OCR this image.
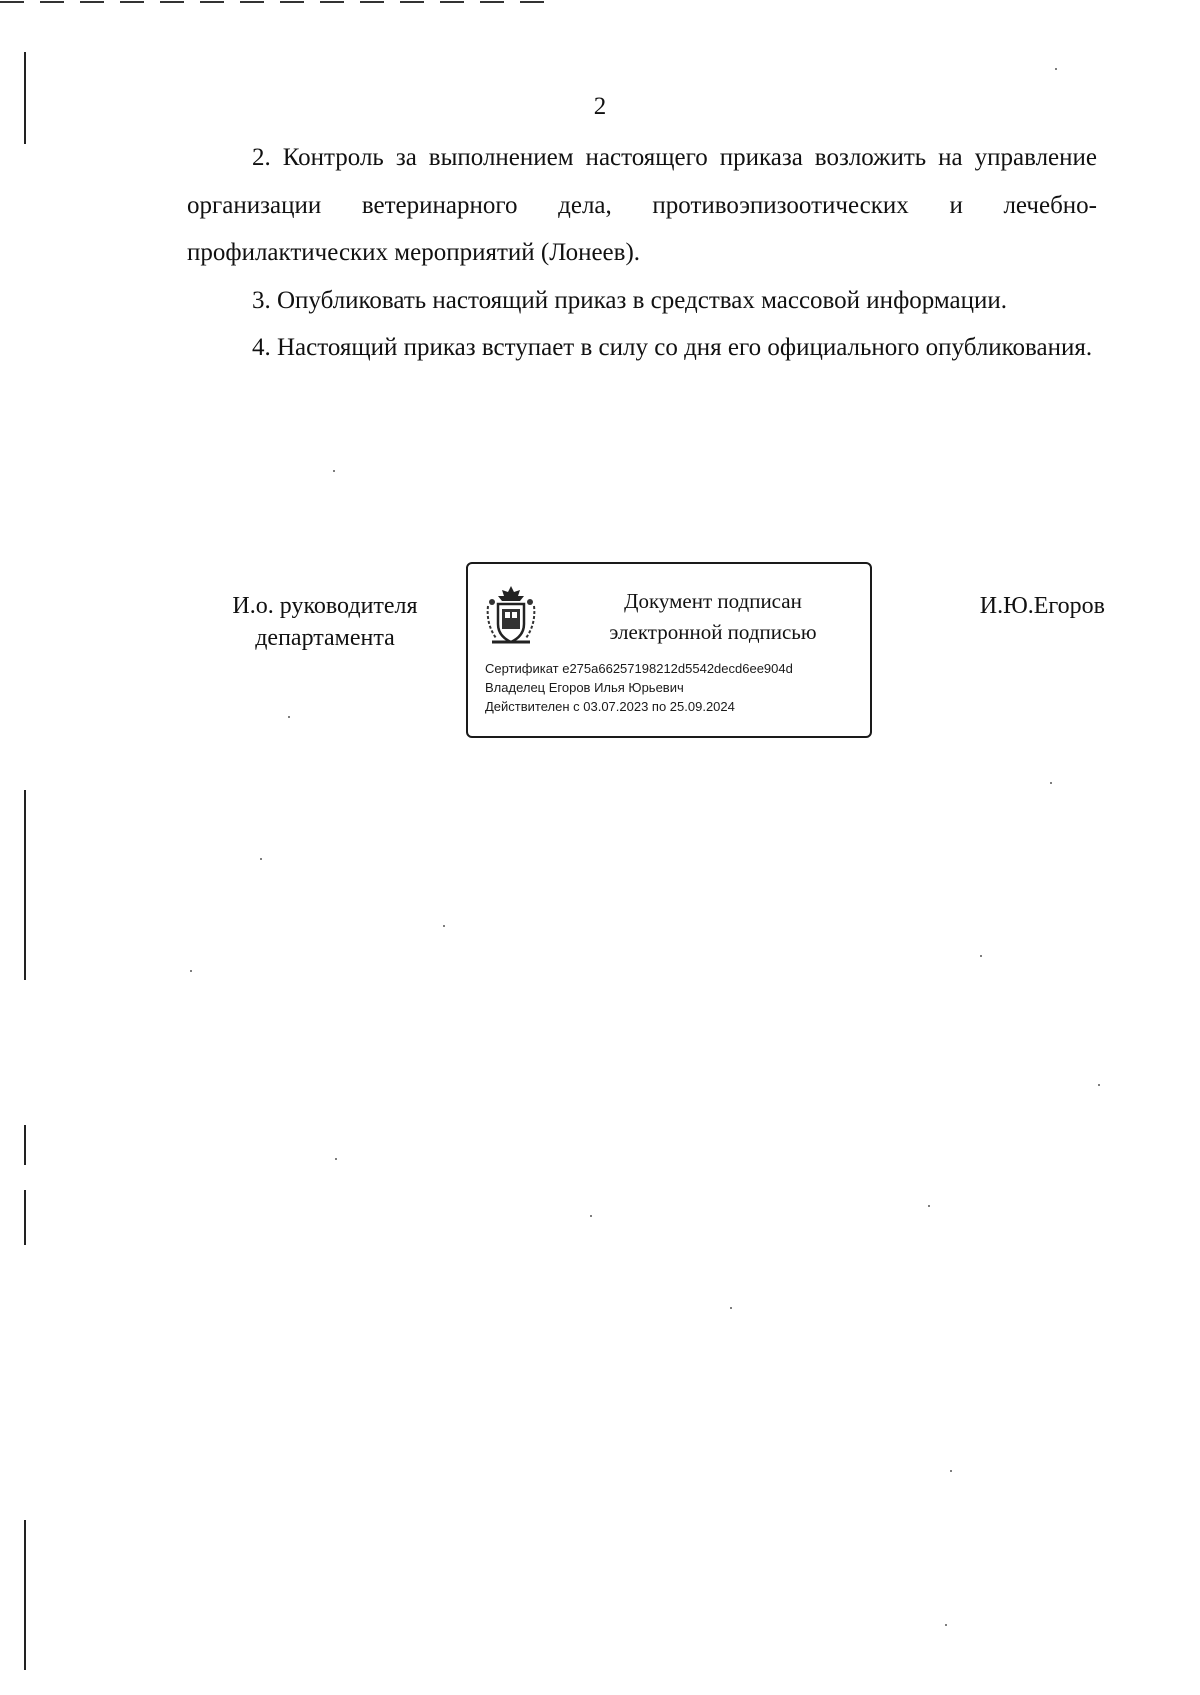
2

2. Контроль за выполнением настоящего приказа возложить на управление организации ветеринарного дела, противоэпизоотических и лечебно-профилактических мероприятий (Лонеев).

3. Опубликовать настоящий приказ в средствах массовой информации.

4. Настоящий приказ вступает в силу со дня его официального опубликования.

И.о. руководителя
департамента
Документ подписан
электронной подписью
Сертификат e275a66257198212d5542decd6ee904d
Владелец Егоров Илья Юрьевич
Действителен с 03.07.2023 по 25.09.2024
И.Ю.Егоров
